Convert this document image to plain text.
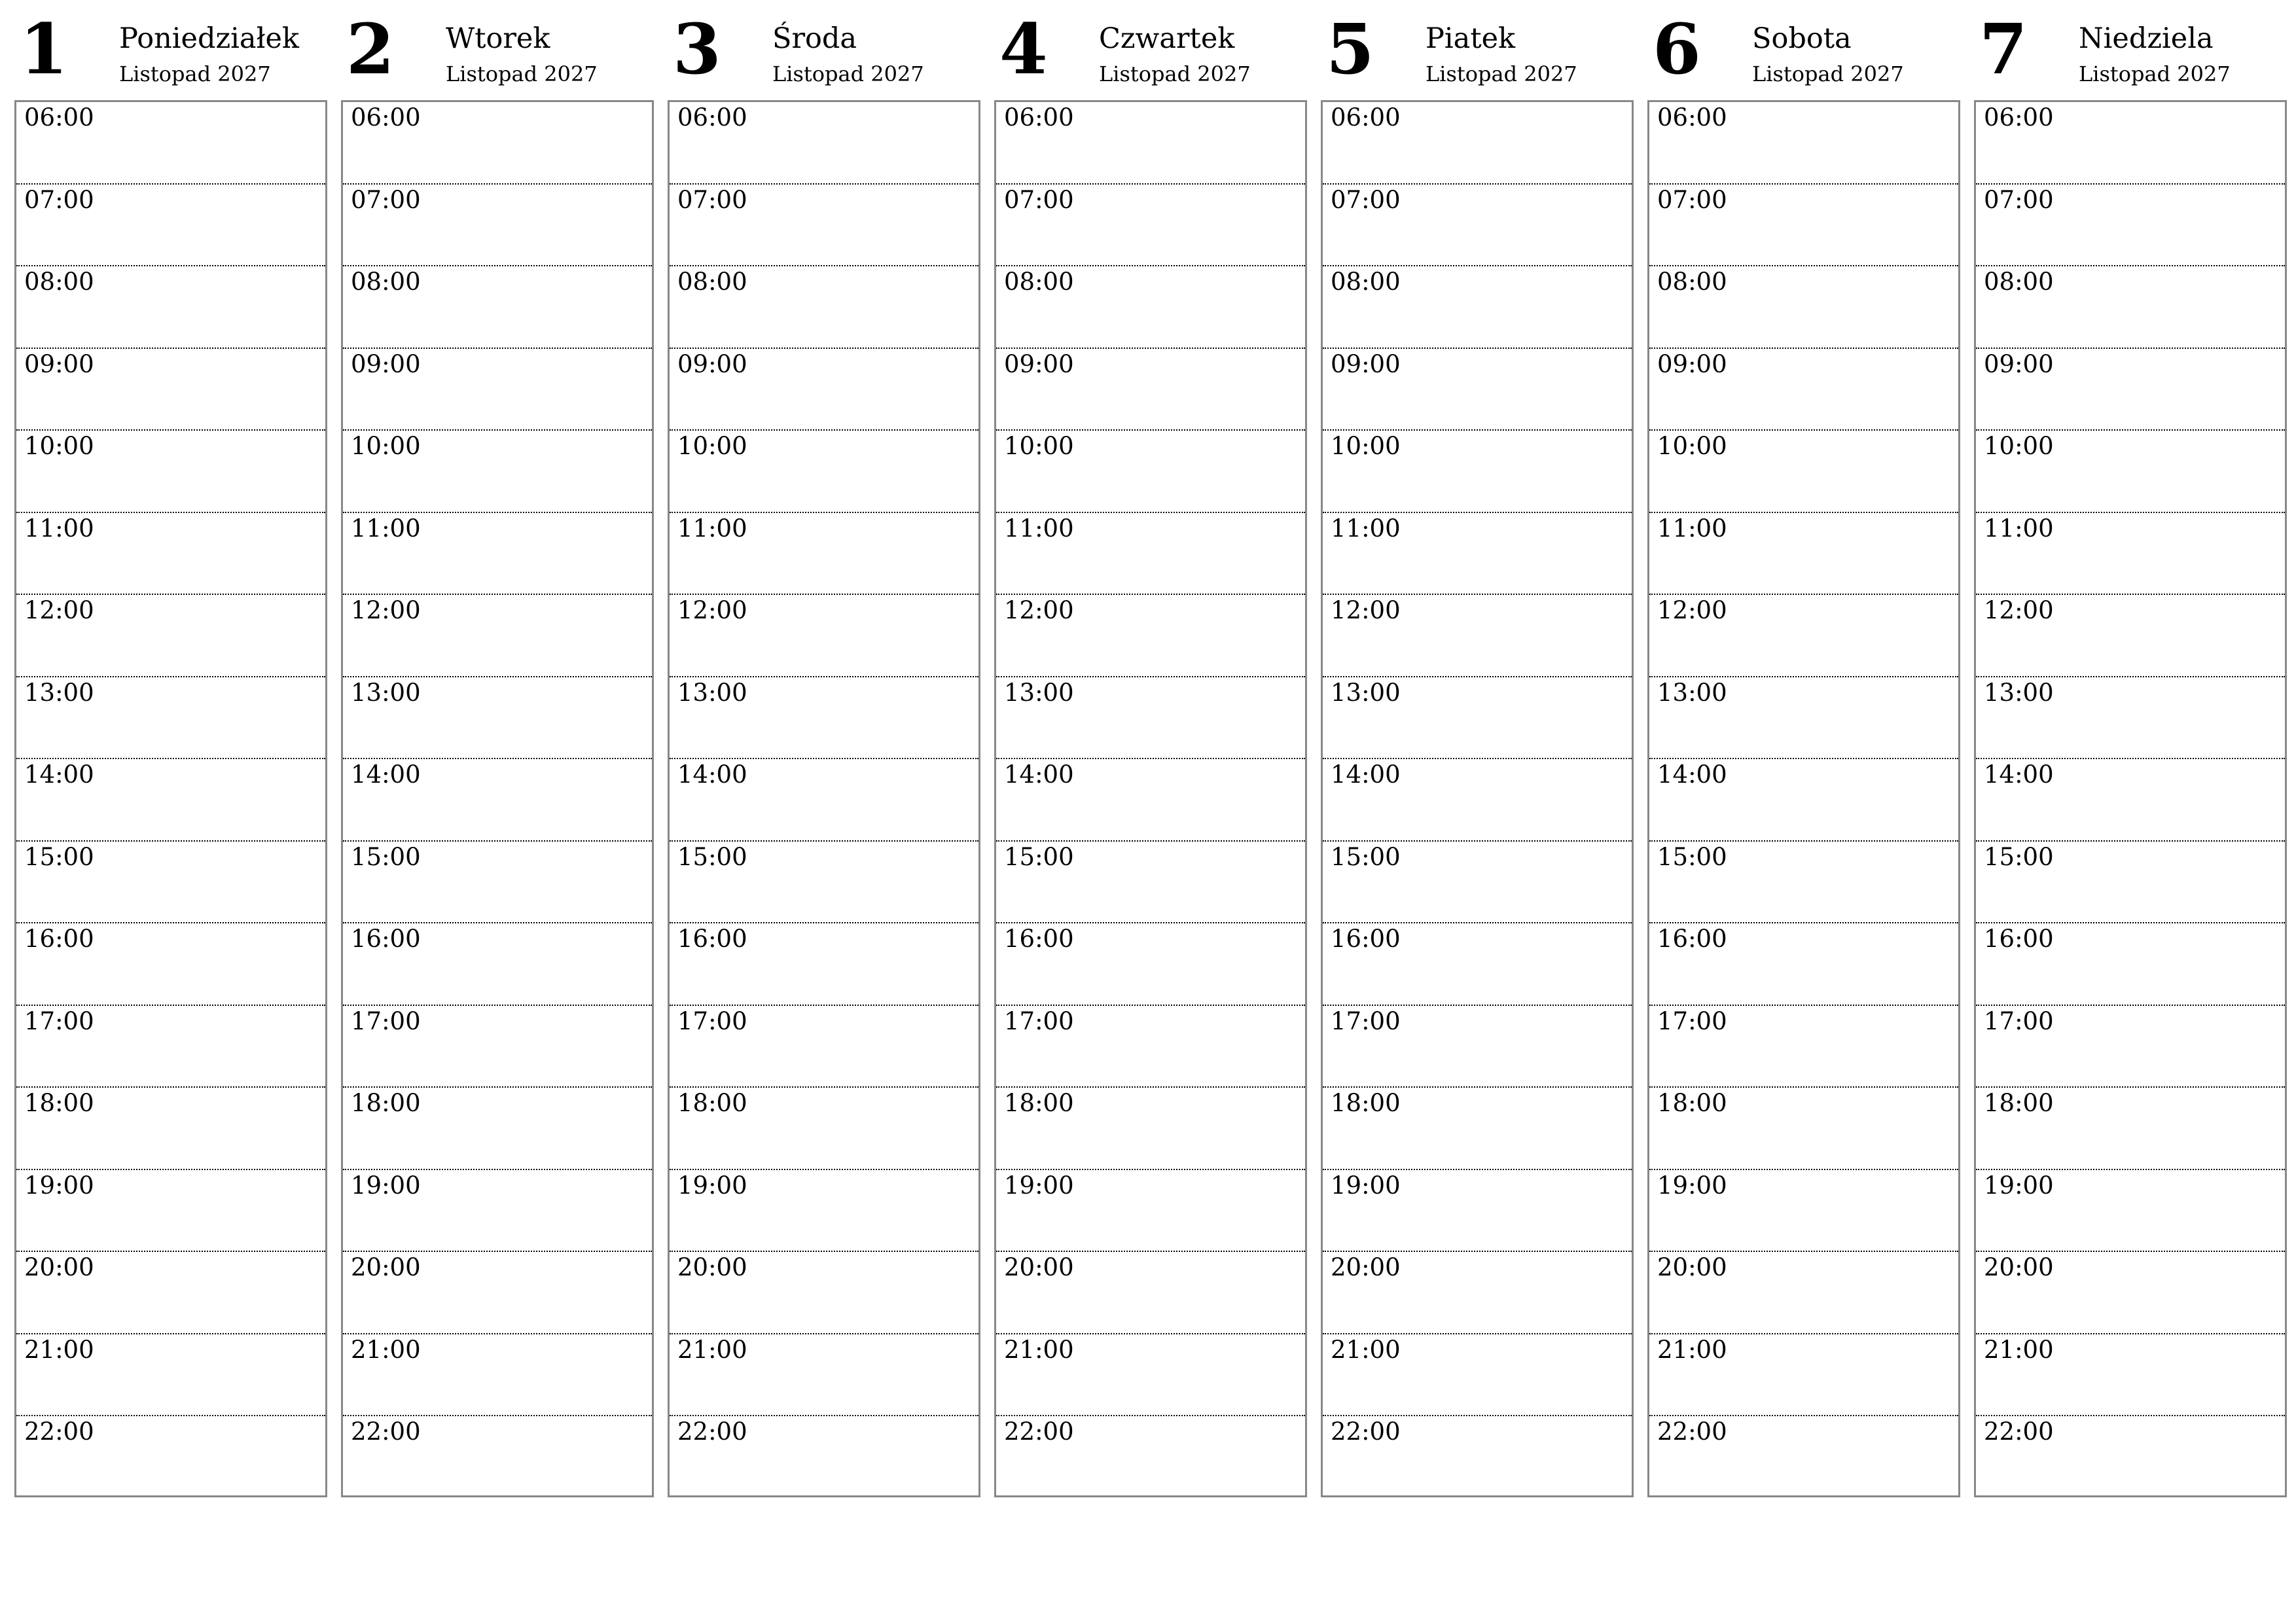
1 Poniedziałek
Listopad 2027
06:00
07:00
08:00
09:00
10:00
11:00
12:00
13:00
14:00
15:00
16:00
17:00
18:00
19:00
20:00
21:00
22:00
2 Wtorek
Listopad 2027
06:00
07:00
08:00
09:00
10:00
11:00
12:00
13:00
14:00
15:00
16:00
17:00
18:00
19:00
20:00
21:00
22:00
3 Środa
Listopad 2027
06:00
07:00
08:00
09:00
10:00
11:00
12:00
13:00
14:00
15:00
16:00
17:00
18:00
19:00
20:00
21:00
22:00
4 Czwartek
Listopad 2027
06:00
07:00
08:00
09:00
10:00
11:00
12:00
13:00
14:00
15:00
16:00
17:00
18:00
19:00
20:00
21:00
22:00
5 Piatek
Listopad 2027
06:00
07:00
08:00
09:00
10:00
11:00
12:00
13:00
14:00
15:00
16:00
17:00
18:00
19:00
20:00
21:00
22:00
6 Sobota
Listopad 2027
06:00
07:00
08:00
09:00
10:00
11:00
12:00
13:00
14:00
15:00
16:00
17:00
18:00
19:00
20:00
21:00
22:00
7 Niedziela
Listopad 2027
06:00
07:00
08:00
09:00
10:00
11:00
12:00
13:00
14:00
15:00
16:00
17:00
18:00
19:00
20:00
21:00
22:00
